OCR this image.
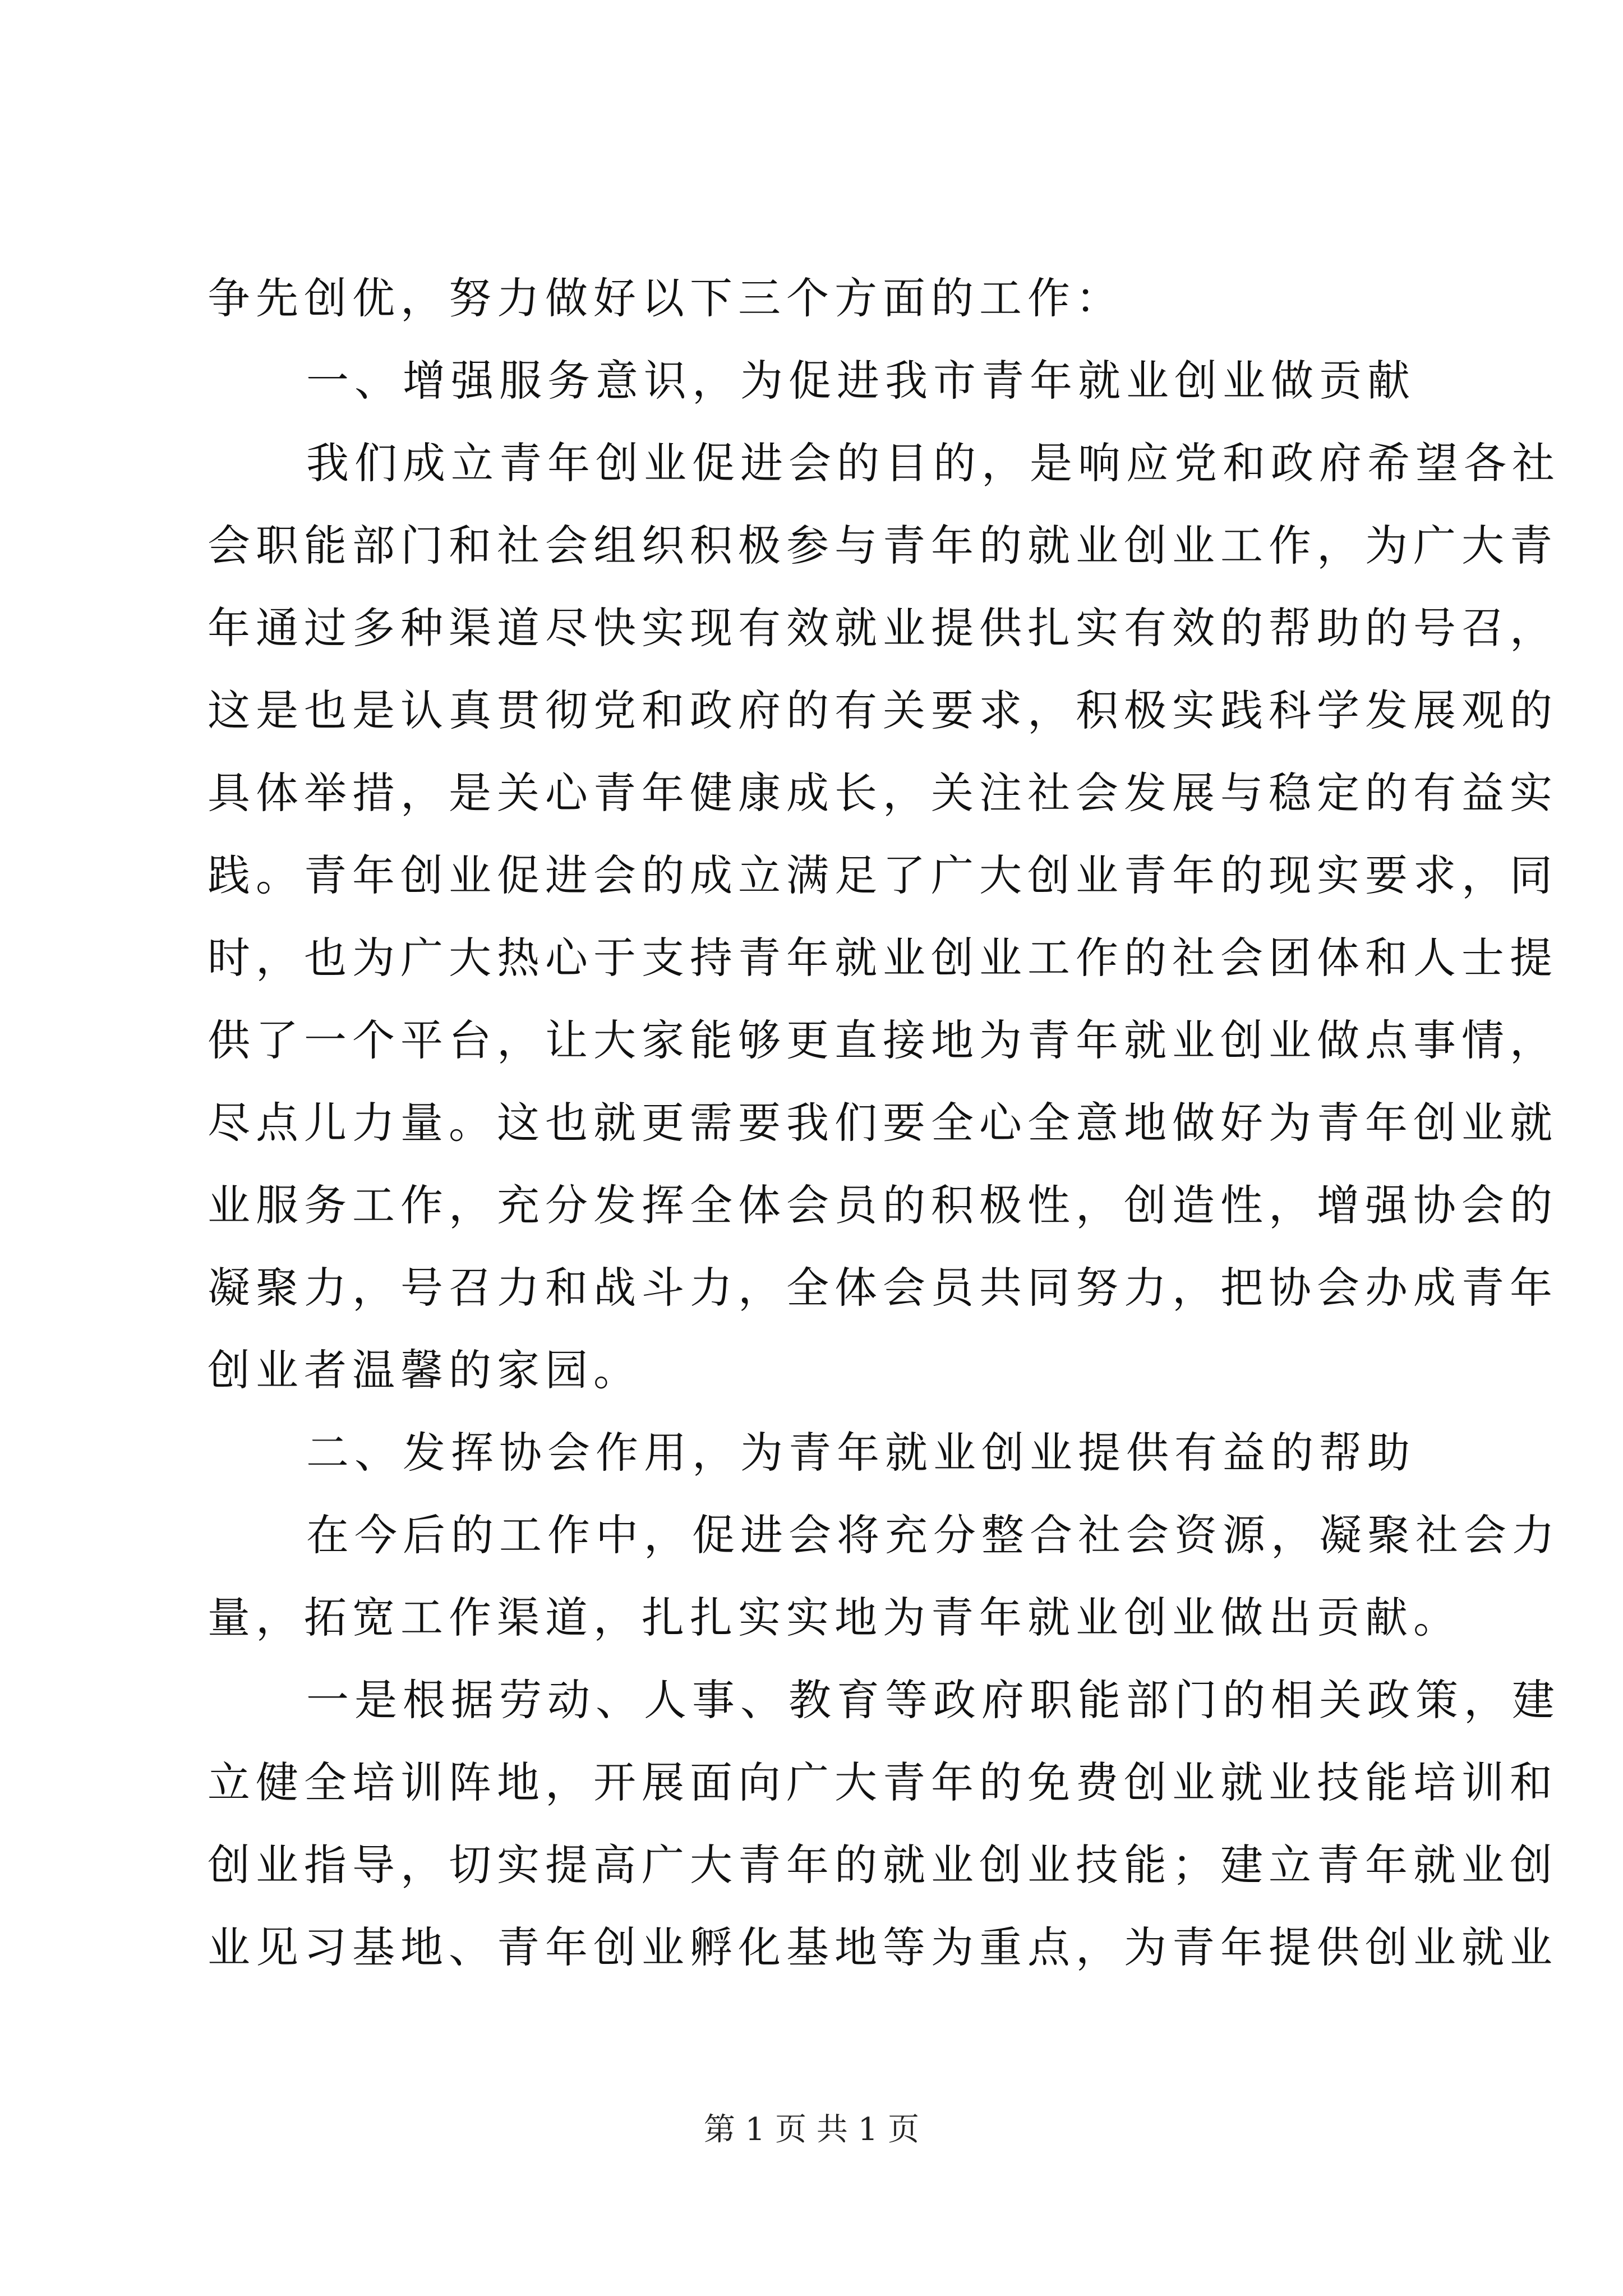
争先创优，努力做好以下三个方面的工作：
一、增强服务意识，为促进我市青年就业创业做贡献
我们成立青年创业促进会的目的，是响应党和政府希望各社
会职能部门和社会组织积极参与青年的就业创业工作，为广大青
年通过多种渠道尽快实现有效就业提供扎实有效的帮助的号召，
这是也是认真贯彻党和政府的有关要求，积极实践科学发展观的
具体举措，是关心青年健康成长，关注社会发展与稳定的有益实
践。青年创业促进会的成立满足了广大创业青年的现实要求，同
时，也为广大热心于支持青年就业创业工作的社会团体和人士提
供了一个平台，让大家能够更直接地为青年就业创业做点事情，
尽点儿力量。这也就更需要我们要全心全意地做好为青年创业就
业服务工作，充分发挥全体会员的积极性，创造性，增强协会的
凝聚力，号召力和战斗力，全体会员共同努力，把协会办成青年
创业者温馨的家园。
二、发挥协会作用，为青年就业创业提供有益的帮助
在今后的工作中，促进会将充分整合社会资源，凝聚社会力
量，拓宽工作渠道，扎扎实实地为青年就业创业做出贡献。
一是根据劳动、人事、教育等政府职能部门的相关政策，建
立健全培训阵地，开展面向广大青年的免费创业就业技能培训和
创业指导，切实提高广大青年的就业创业技能；建立青年就业创
业见习基地、青年创业孵化基地等为重点，为青年提供创业就业
第 1 页 共 1 页
